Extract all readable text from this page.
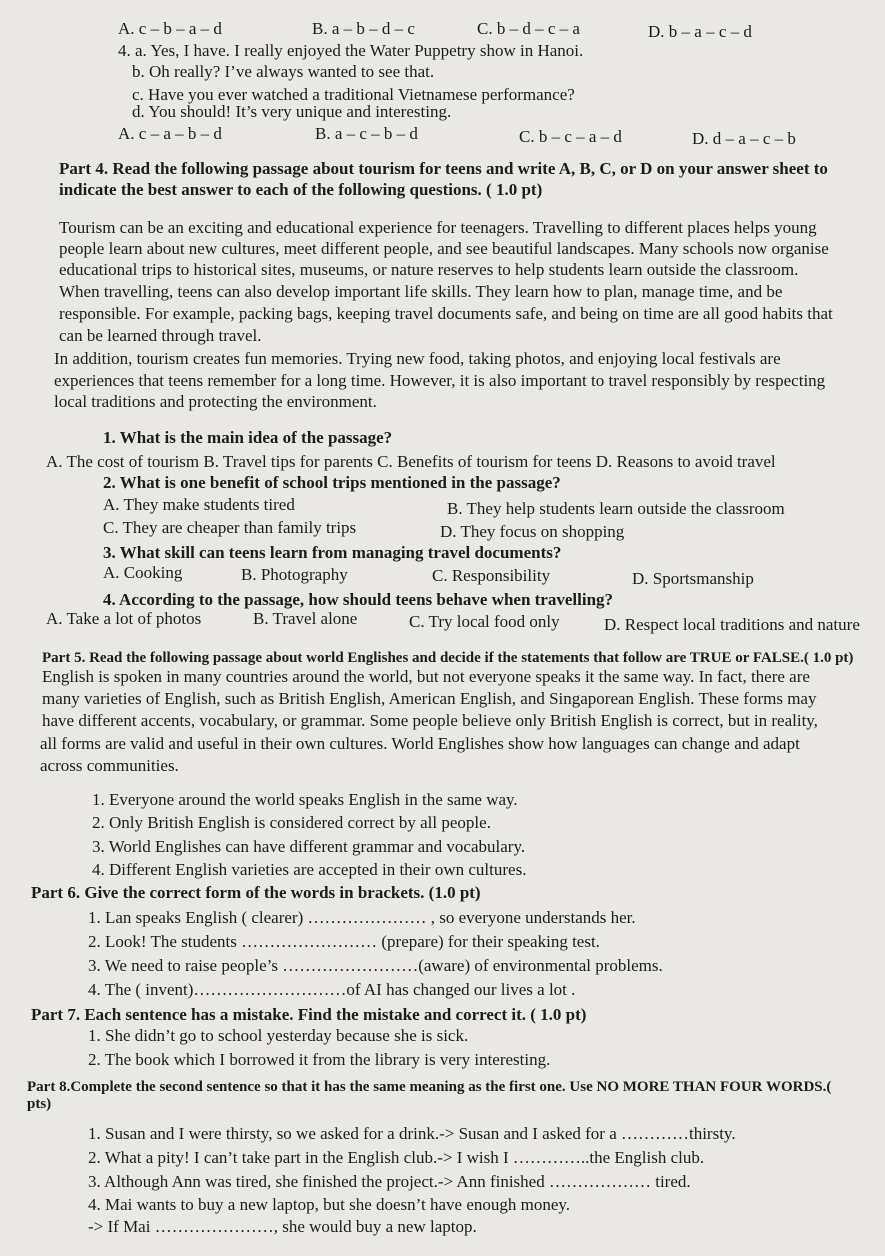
A. c – b – a – d	B. a – b – d – c	C. b – d – c – a	D. b – a – c – d
4. a. Yes, I have. I really enjoyed the Water Puppetry show in Hanoi.
b. Oh really? I’ve always wanted to see that.
c. Have you ever watched a traditional Vietnamese performance?
d. You should! It’s very unique and interesting.
A. c – a – b – d	B. a – c – b – d	C. b – c – a – d	D. d – a – c – b
Part 4. Read the following passage about tourism for teens and write A, B, C, or D on your answer sheet to
indicate the best answer to each of the following questions. ( 1.0 pt)
Tourism can be an exciting and educational experience for teenagers. Travelling to different places helps young
people learn about new cultures, meet different people, and see beautiful landscapes. Many schools now organise
educational trips to historical sites, museums, or nature reserves to help students learn outside the classroom.
When travelling, teens can also develop important life skills. They learn how to plan, manage time, and be
responsible. For example, packing bags, keeping travel documents safe, and being on time are all good habits that
can be learned through travel.
In addition, tourism creates fun memories. Trying new food, taking photos, and enjoying local festivals are
experiences that teens remember for a long time. However, it is also important to travel responsibly by respecting
local traditions and protecting the environment.
1. What is the main idea of the passage?
A. The cost of tourism B. Travel tips for parents C. Benefits of tourism for teens D. Reasons to avoid travel
2. What is one benefit of school trips mentioned in the passage?
A. They make students tired	B. They help students learn outside the classroom
C. They are cheaper than family trips	D. They focus on shopping
3. What skill can teens learn from managing travel documents?
A. Cooking	B. Photography	C. Responsibility	D. Sportsmanship
4. According to the passage, how should teens behave when travelling?
A. Take a lot of photos	B. Travel alone	C. Try local food only	D. Respect local traditions and nature
Part 5. Read the following passage about world Englishes and decide if the statements that follow are TRUE or FALSE.( 1.0 pt)
English is spoken in many countries around the world, but not everyone speaks it the same way. In fact, there are
many varieties of English, such as British English, American English, and Singaporean English. These forms may
have different accents, vocabulary, or grammar. Some people believe only British English is correct, but in reality,
all forms are valid and useful in their own cultures. World Englishes show how languages can change and adapt
across communities.
1. Everyone around the world speaks English in the same way.
2. Only British English is considered correct by all people.
3. World Englishes can have different grammar and vocabulary.
4. Different English varieties are accepted in their own cultures.
Part 6. Give the correct form of the words in brackets. (1.0 pt)
1. Lan speaks English ( clearer) ………………… , so everyone understands her.
2. Look! The students …………………… (prepare) for their speaking test.
3. We need to raise people’s ……………………(aware) of environmental problems.
4. The ( invent)………………………of AI has changed our lives a lot .
Part 7. Each sentence has a mistake. Find the mistake and correct it. ( 1.0 pt)
1. She didn’t go to school yesterday because she is sick.
2. The book which I borrowed it from the library is very interesting.
Part 8.Complete the second sentence so that it has the same meaning as the first one. Use NO MORE THAN FOUR WORDS.(
pts)
1. Susan and I were thirsty, so we asked for a drink.-> Susan and I asked for a …………thirsty.
2. What a pity! I can’t take part in the English club.-> I wish I …………..the English club.
3. Although Ann was tired, she finished the project.-> Ann finished ……………… tired.
4. Mai wants to buy a new laptop, but she doesn’t have enough money.
-> If Mai …………………, she would buy a new laptop.
